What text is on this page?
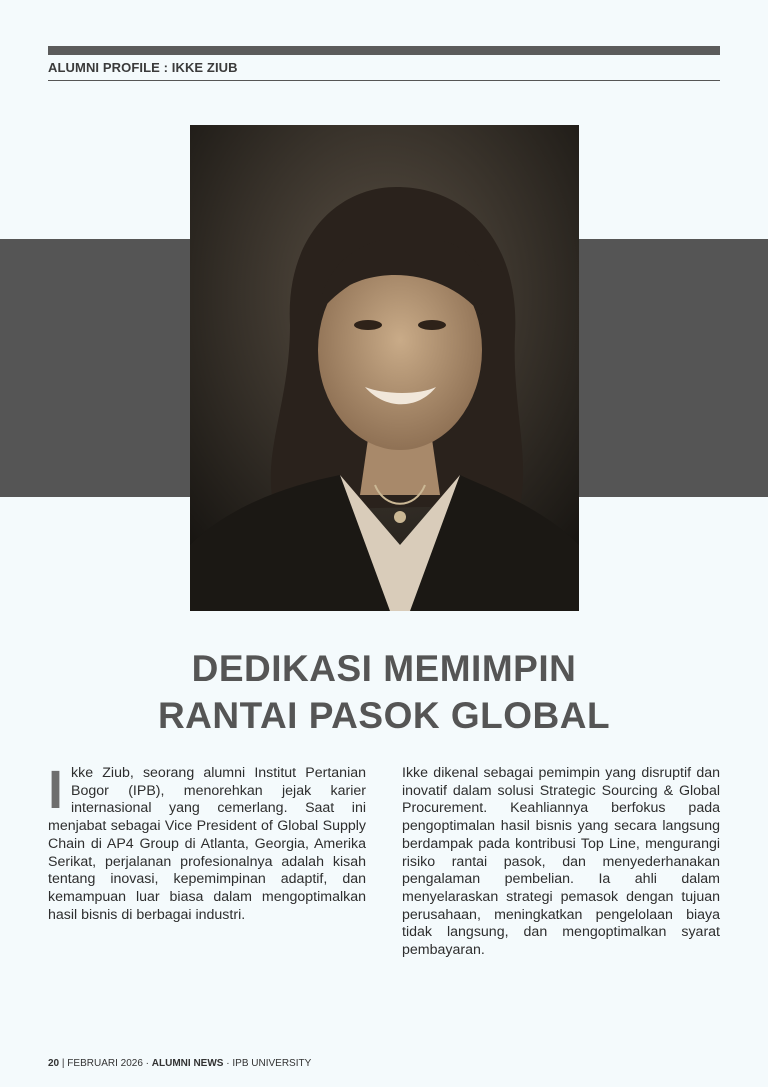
ALUMNI PROFILE : IKKE ZIUB
DEDIKASI MEMIMPIN
RANTAI PASOK GLOBAL

Ikke Ziub, seorang alumni Institut Pertanian Bogor (IPB), menorehkan jejak karier internasional yang cemerlang. Saat ini menjabat sebagai Vice President of Global Supply Chain di AP4 Group di Atlanta, Georgia, Amerika Serikat, perjalanan profesionalnya adalah kisah tentang inovasi, kepemimpinan adaptif, dan kemampuan luar biasa dalam mengoptimalkan hasil bisnis di berbagai industri.

Ikke dikenal sebagai pemimpin yang disruptif dan inovatif dalam solusi Strategic Sourcing & Global Procurement. Keahliannya berfokus pada pengoptimalan hasil bisnis yang secara langsung berdampak pada kontribusi Top Line, mengurangi risiko rantai pasok, dan menyederhanakan pengalaman pembelian. Ia ahli dalam menyelaraskan strategi pemasok dengan tujuan perusahaan, meningkatkan pengelolaan biaya tidak langsung, dan mengoptimalkan syarat pembayaran.

20 | FEBRUARI 2026 · ALUMNI NEWS · IPB UNIVERSITY
